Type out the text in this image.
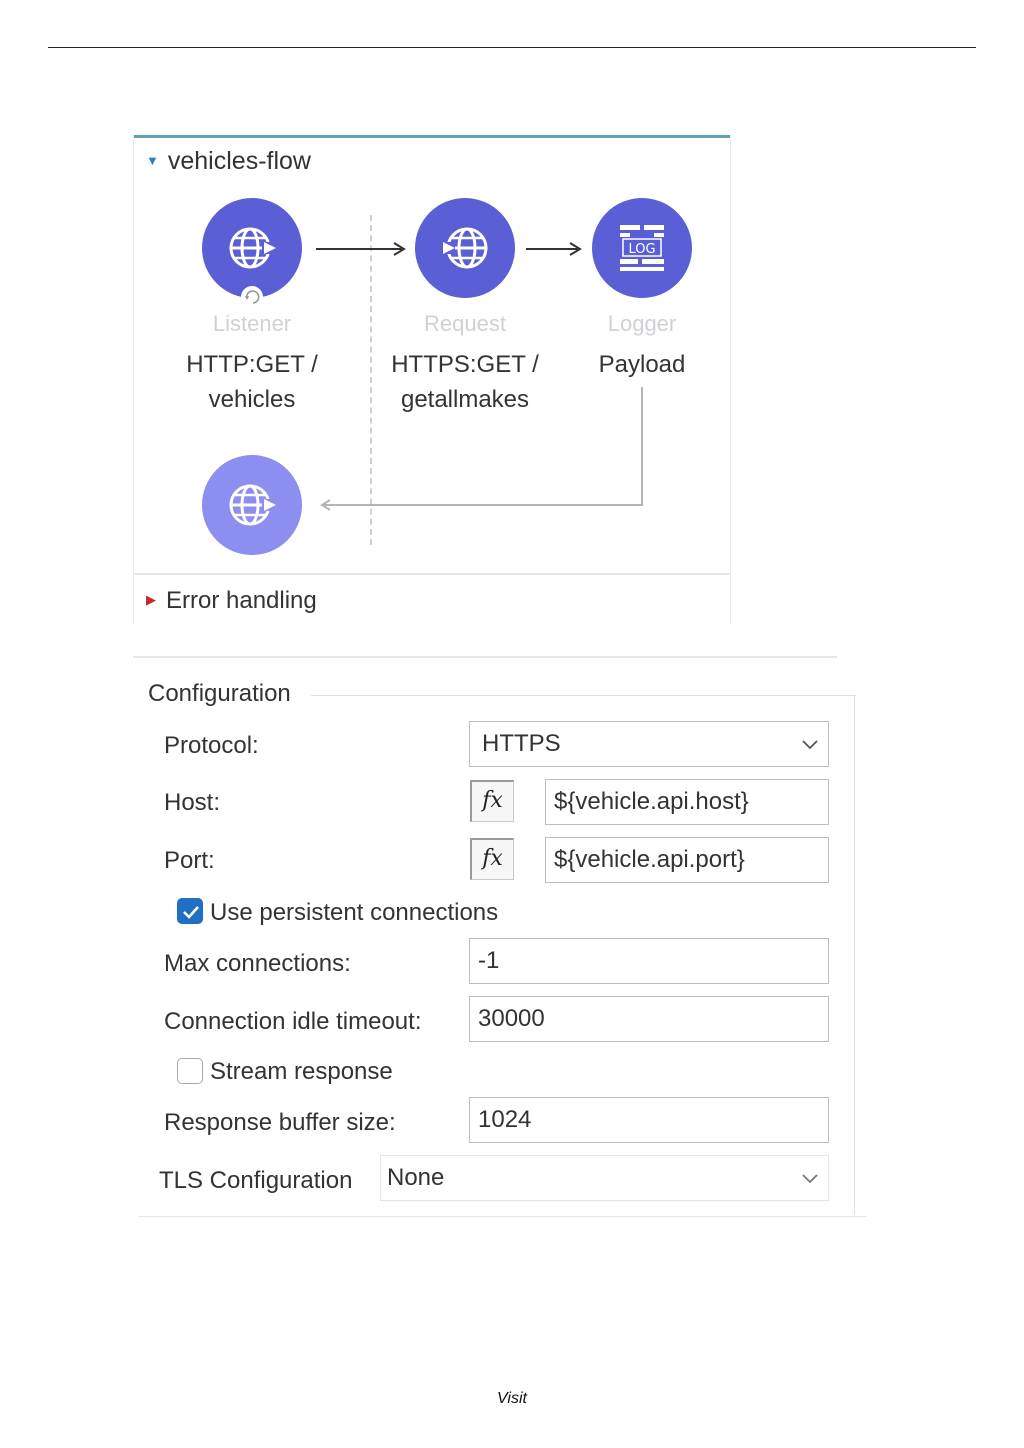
▼ vehicles-flow
Listener
HTTP:GET /
vehicles
Request
HTTPS:GET /
getallmakes
LOG
Logger
Payload
▶ Error handling
Configuration
Protocol:	HTTPS
Host:	fx	${vehicle.api.host}
Port:	fx	${vehicle.api.port}
Use persistent connections
Max connections:	-1
Connection idle timeout:	30000
Stream response
Response buffer size:	1024
TLS Configuration None
Visit
